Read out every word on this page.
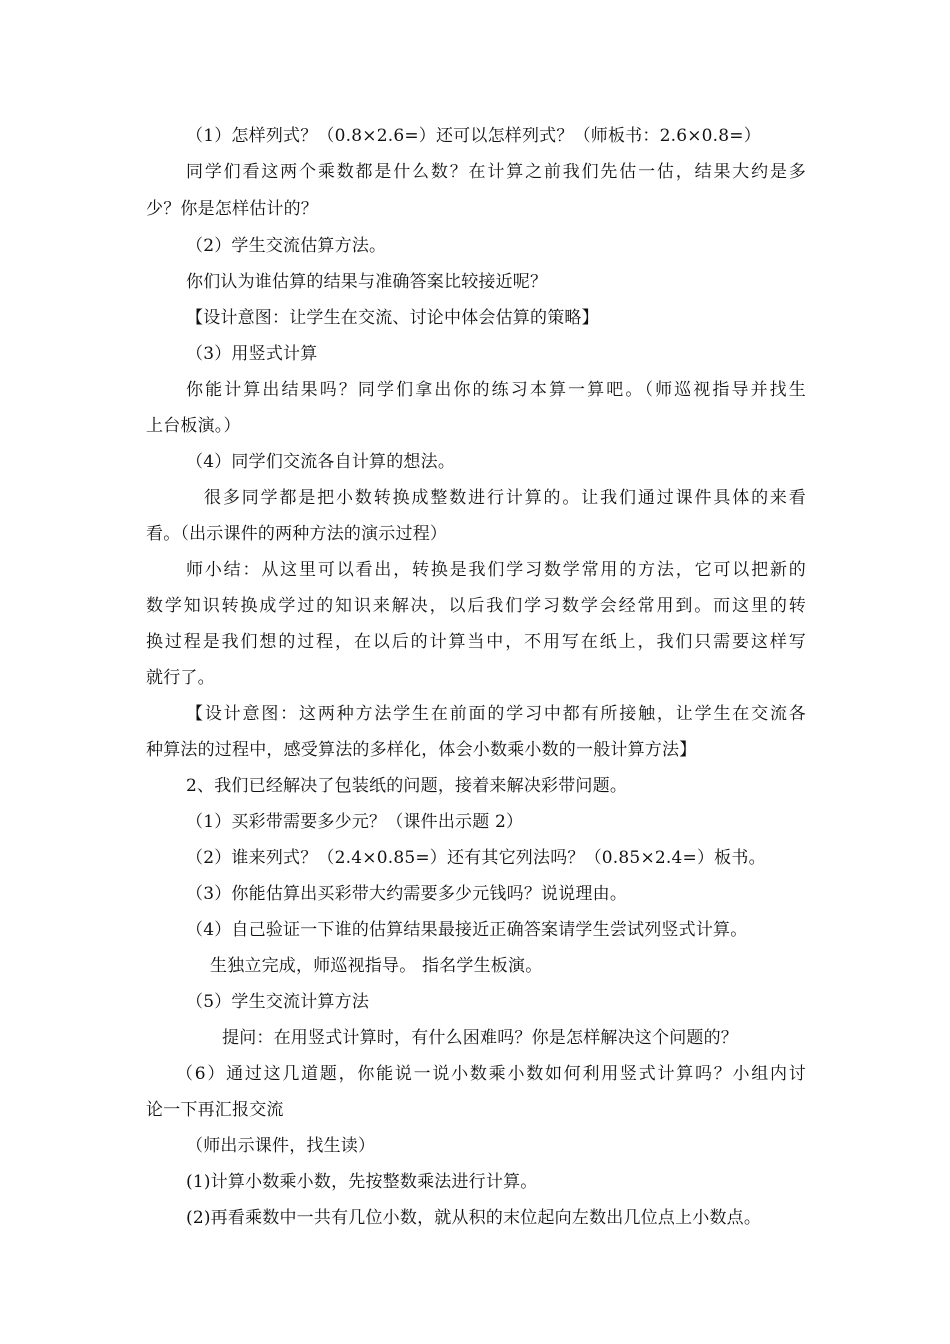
（1）怎样列式？（0.8×2.6=）还可以怎样列式？（师板书：2.6×0.8=）
同学们看这两个乘数都是什么数？在计算之前我们先估一估，结果大约是多
少？你是怎样估计的？
（2）学生交流估算方法。
你们认为谁估算的结果与准确答案比较接近呢？
【设计意图：让学生在交流、讨论中体会估算的策略】
（3）用竖式计算
你能计算出结果吗？同学们拿出你的练习本算一算吧。（师巡视指导并找生
上台板演。）
（4）同学们交流各自计算的想法。
很多同学都是把小数转换成整数进行计算的。让我们通过课件具体的来看
看。（出示课件的两种方法的演示过程）
师小结：从这里可以看出，转换是我们学习数学常用的方法，它可以把新的
数学知识转换成学过的知识来解决，以后我们学习数学会经常用到。而这里的转
换过程是我们想的过程，在以后的计算当中，不用写在纸上，我们只需要这样写
就行了。
【设计意图：这两种方法学生在前面的学习中都有所接触，让学生在交流各
种算法的过程中，感受算法的多样化，体会小数乘小数的一般计算方法】
2、我们已经解决了包装纸的问题，接着来解决彩带问题。
（1）买彩带需要多少元？（课件出示题 2）
（2）谁来列式？（2.4×0.85=）还有其它列法吗？（0.85×2.4=）板书。
（3）你能估算出买彩带大约需要多少元钱吗？说说理由。
（4）自己验证一下谁的估算结果最接近正确答案请学生尝试列竖式计算。
生独立完成，师巡视指导。 指名学生板演。
（5）学生交流计算方法
提问：在用竖式计算时，有什么困难吗？你是怎样解决这个问题的？
（6）通过这几道题，你能说一说小数乘小数如何利用竖式计算吗？小组内讨
论一下再汇报交流
（师出示课件，找生读）
(1)计算小数乘小数，先按整数乘法进行计算。
(2)再看乘数中一共有几位小数，就从积的末位起向左数出几位点上小数点。
